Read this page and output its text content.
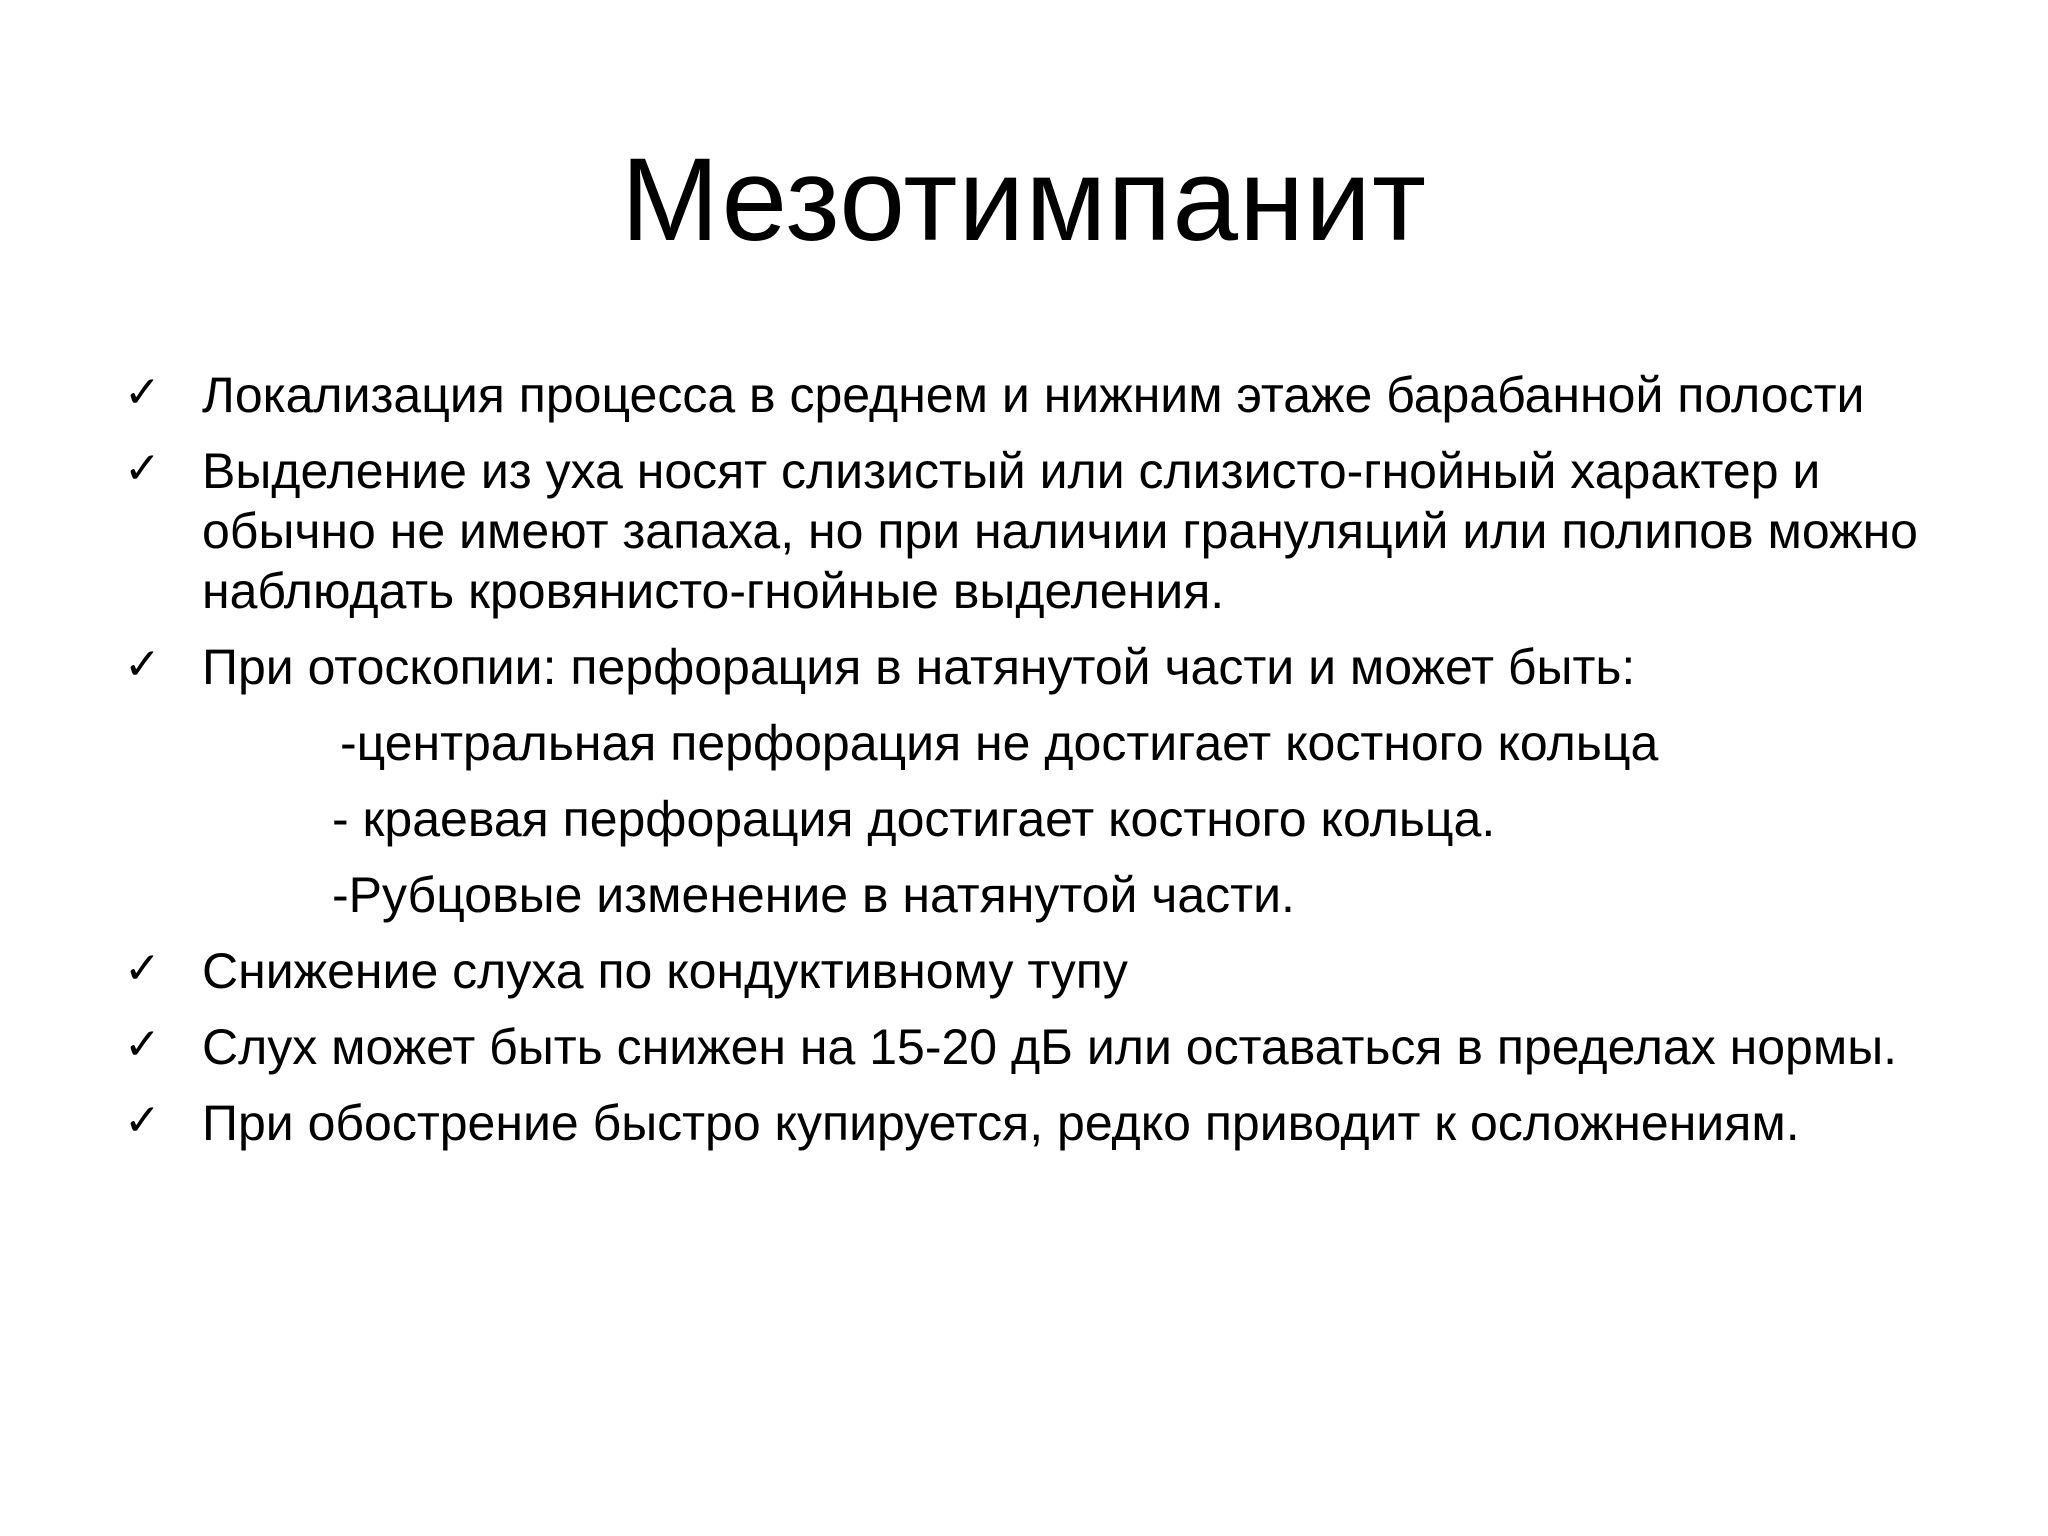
Мезотимпанит
✓ Локализация процесса в среднем и нижним этаже барабанной полости
✓ Выделение из уха носят слизистый или слизисто-гнойный характер и обычно не имеют запаха, но при наличии грануляций или полипов можно наблюдать кровянисто-гнойные выделения.
✓ При отоскопии: перфорация в натянутой части и может быть:
-центральная перфорация не достигает костного кольца
- краевая перфорация достигает костного кольца.
-Рубцовые изменение в натянутой части.
✓ Снижение слуха по кондуктивному тупу
✓ Слух может быть снижен на 15-20 дБ или оставаться в пределах нормы.
✓ При обострение быстро купируется, редко приводит к осложнениям.
